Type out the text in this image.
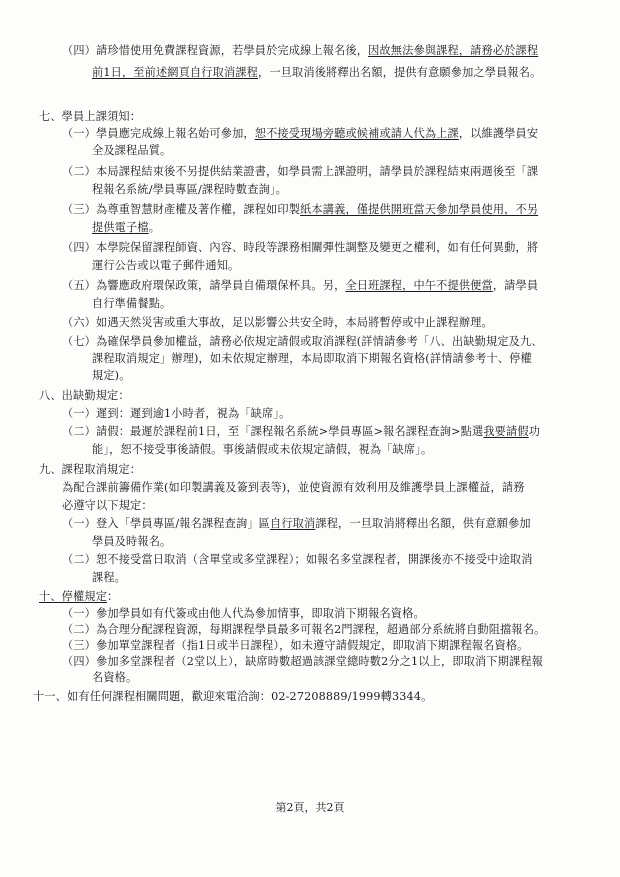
（四）請珍惜使用免費課程資源，若學員於完成線上報名後，因故無法參與課程，請務必於課程
前1日，至前述網頁自行取消課程，一旦取消後將釋出名額，提供有意願參加之學員報名。
七、學員上課須知：
（一）學員應完成線上報名始可參加，恕不接受現場旁聽或候補或請人代為上課，以維護學員安
全及課程品質。
（二）本局課程結束後不另提供結業證書，如學員需上課證明，請學員於課程結束兩週後至「課
程報名系統/學員專區/課程時數查詢」。
（三）為尊重智慧財產權及著作權，課程如印製紙本講義，僅提供開班當天參加學員使用，不另
提供電子檔。
（四）本學院保留課程師資、內容、時段等課務相關彈性調整及變更之權利，如有任何異動，將
運行公告或以電子郵件通知。
（五）為響應政府環保政策，請學員自備環保杯具。另，全日班課程，中午不提供便當，請學員
自行準備餐點。
（六）如遇天然災害或重大事故，足以影響公共安全時，本局將暫停或中止課程辦理。
（七）為確保學員參加權益，請務必依規定請假或取消課程(詳情請參考「八、出缺勤規定及九、
課程取消規定」辦理)，如未依規定辦理，本局即取消下期報名資格(詳情請參考十、停權
規定)。
八、出缺勤規定：
（一）遲到：遲到逾1小時者，視為「缺席」。
（二）請假：最遲於課程前1日，至「課程報名系統>學員專區>報名課程查詢>點選我要請假功
能」，恕不接受事後請假。事後請假或未依規定請假，視為「缺席」。
九、課程取消規定：
為配合課前籌備作業(如印製講義及簽到表等)，並使資源有效利用及維護學員上課權益，請務
必遵守以下規定：
（一）登入「學員專區/報名課程查詢」區自行取消課程，一旦取消將釋出名額，供有意願參加
學員及時報名。
（二）恕不接受當日取消（含單堂或多堂課程）；如報名多堂課程者，開課後亦不接受中途取消
課程。
十、停權規定：
（一）參加學員如有代簽或由他人代為參加情事，即取消下期報名資格。
（二）為合理分配課程資源，每期課程學員最多可報名2門課程，超過部分系統將自動阻擋報名。
（三）參加單堂課程者（指1日或半日課程），如未遵守請假規定，即取消下期課程報名資格。
（四）參加多堂課程者（2堂以上），缺席時數超過該課堂總時數2分之1以上，即取消下期課程報
名資格。
十一、如有任何課程相關問題，歡迎來電洽詢：02-27208889/1999轉3344。
第2頁，共2頁
